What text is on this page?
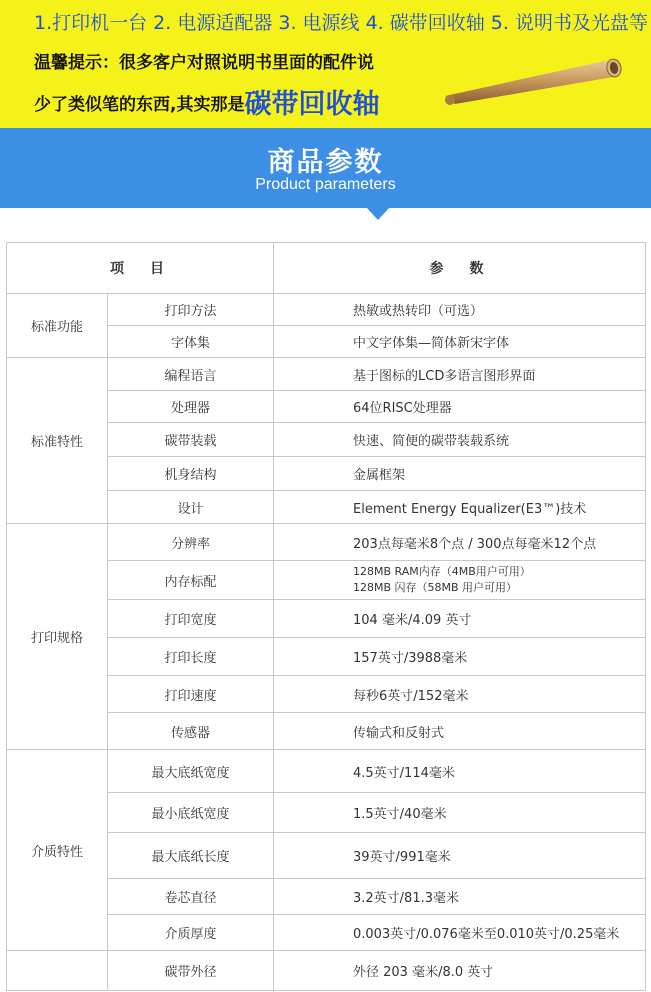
1.打印机一台 2. 电源适配器 3. 电源线 4. 碳带回收轴 5. 说明书及光盘等
温馨提示：很多客户对照说明书里面的配件说
少了类似笔的东西,其实那是碳带回收轴
商品参数
Product parameters
项　目		参　数
标准功能	打印方法	热敏或热转印（可选）
	字体集	中文字体集—简体新宋字体
标准特性	编程语言	基于图标的LCD多语言图形界面
	处理器	64位RISC处理器
	碳带装载	快速、简便的碳带装载系统
	机身结构	金属框架
	设计	Element Energy Equalizer(E3™)技术
打印规格	分辨率	203点每毫米8个点 / 300点每毫米12个点
	内存标配	128MB RAM内存（4MB用户可用）
128MB 闪存（58MB 用户可用）

	打印宽度	104 毫米/4.09 英寸
	打印长度	157英寸/3988毫米
	打印速度	每秒6英寸/152毫米
	传感器	传输式和反射式
介质特性	最大底纸宽度	4.5英寸/114毫米
	最小底纸宽度	1.5英寸/40毫米
	最大底纸长度	39英寸/991毫米
	卷芯直径	3.2英寸/81.3毫米
	介质厚度	0.003英寸/0.076毫米至0.010英寸/0.25毫米
	碳带外径	外径 203 毫米/8.0 英寸
